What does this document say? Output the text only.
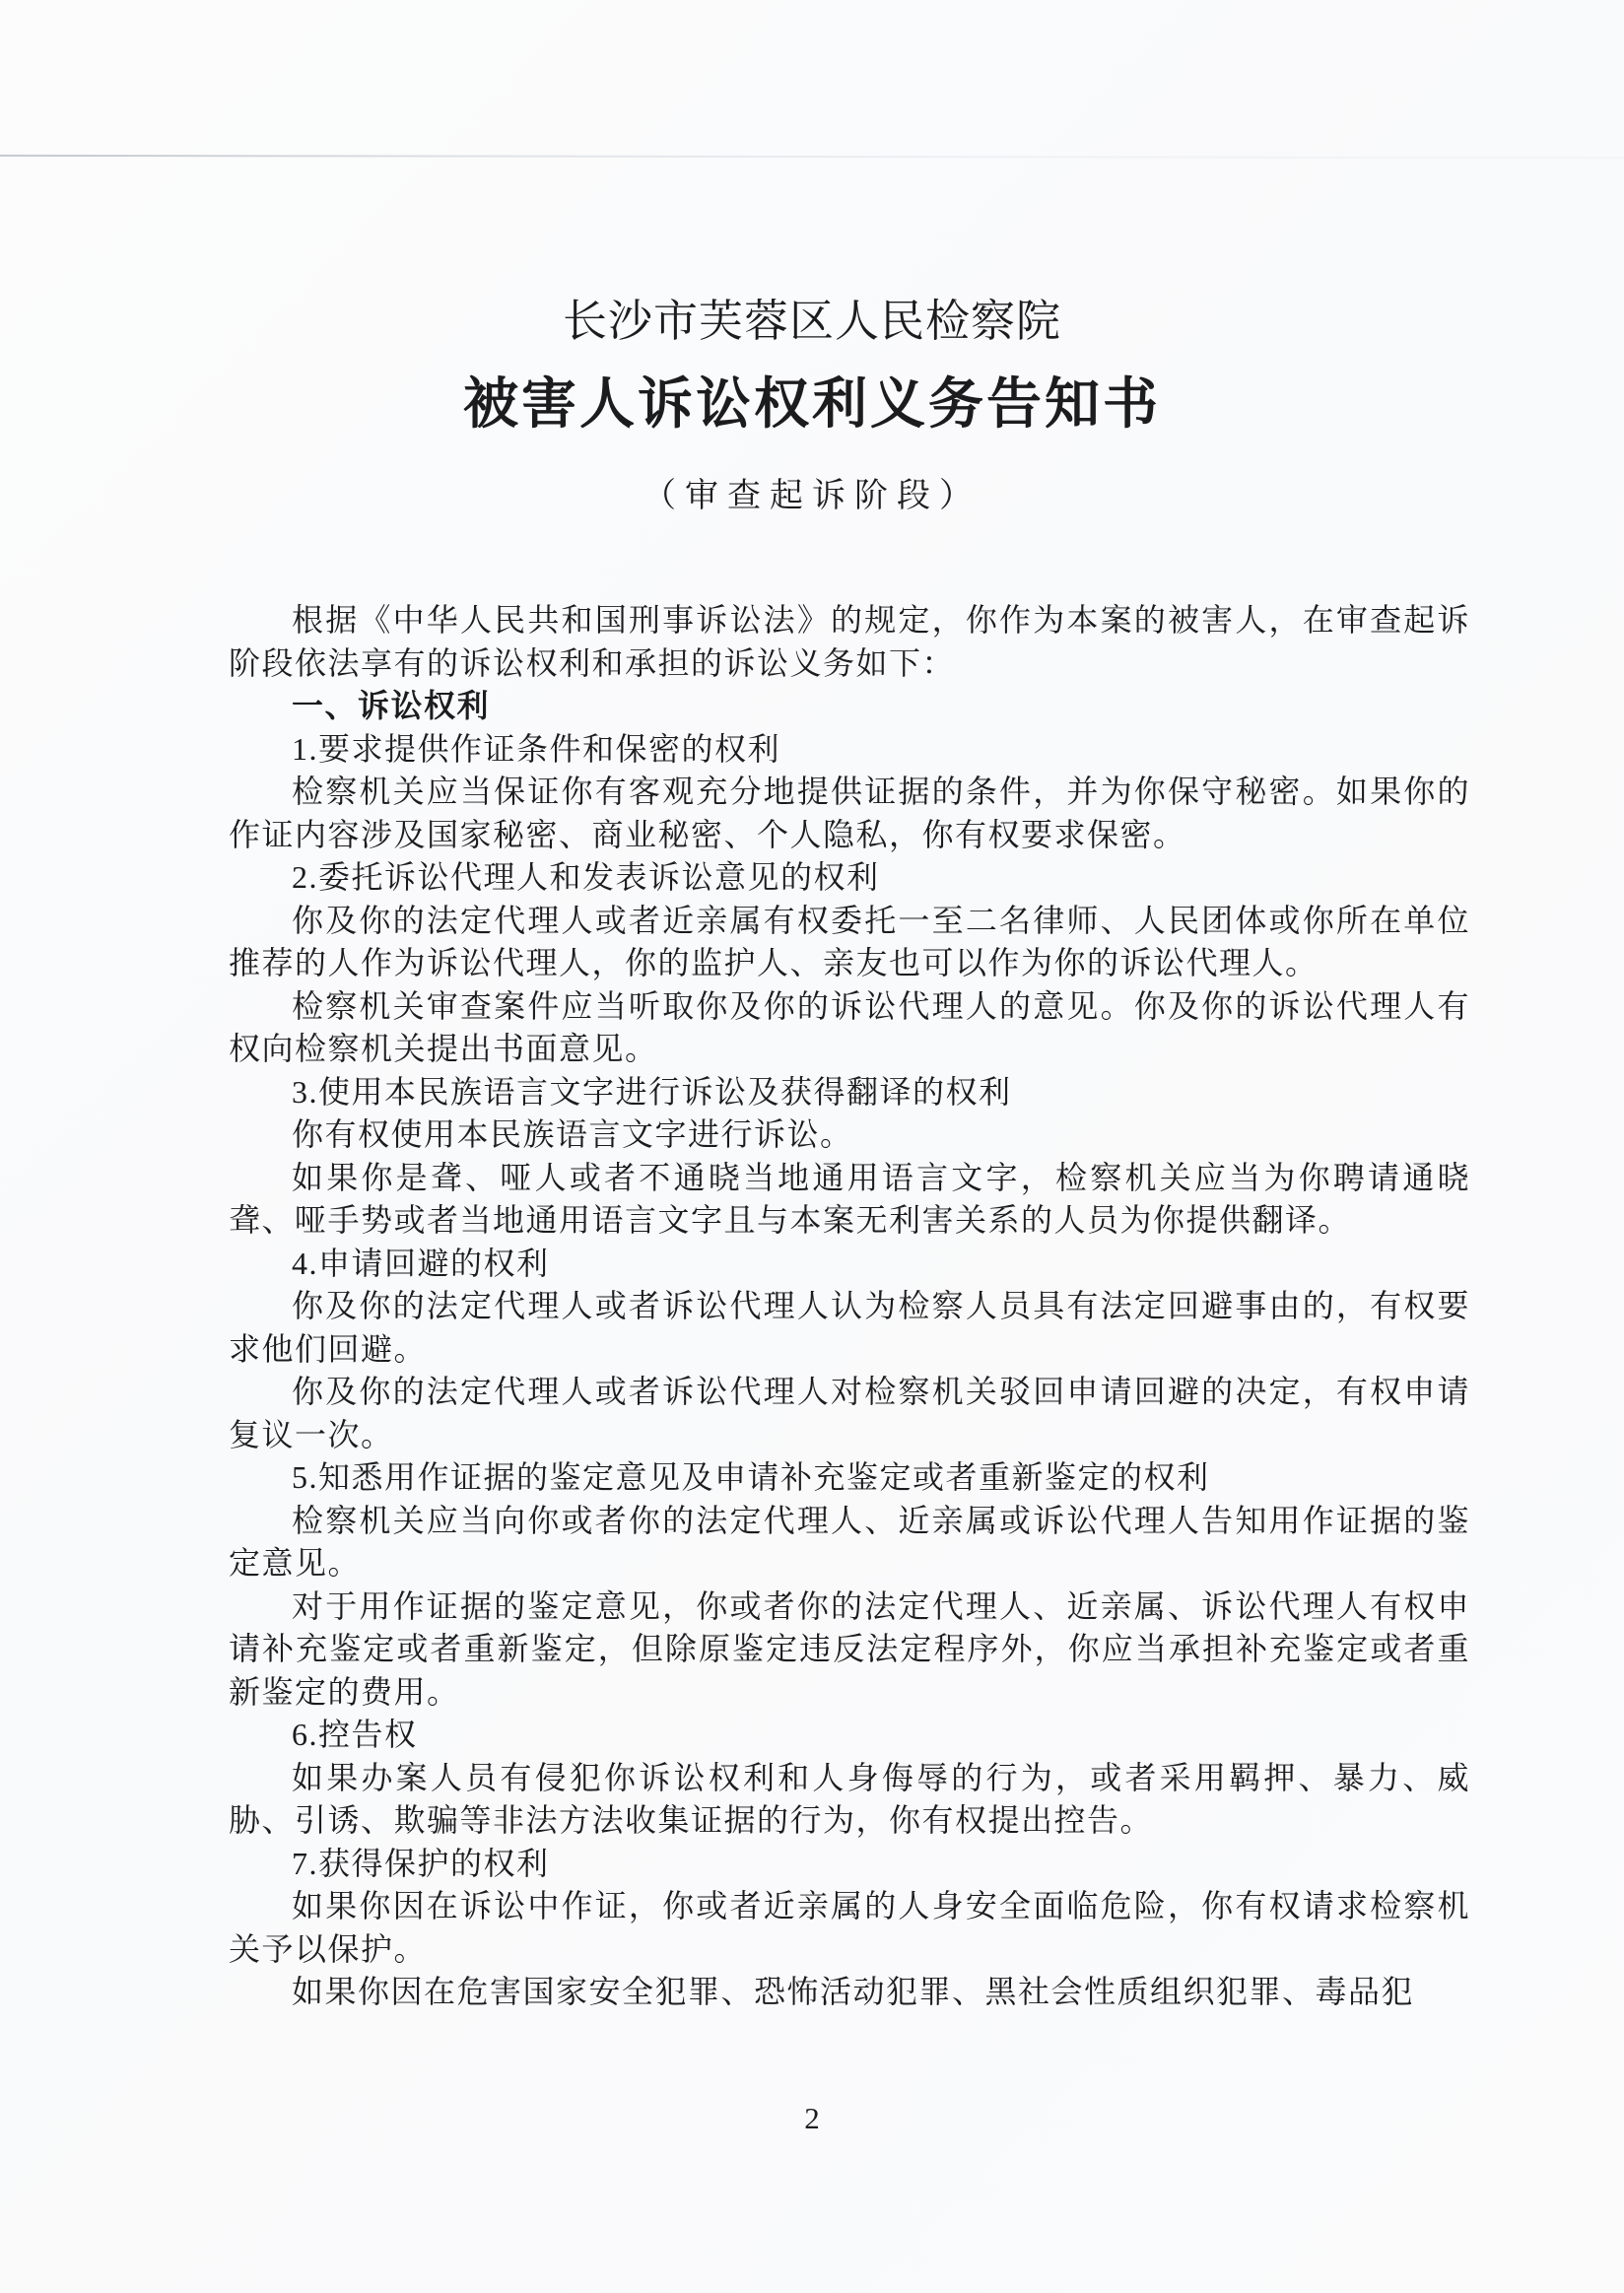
长沙市芙蓉区人民检察院
被害人诉讼权利义务告知书
（审查起诉阶段）

根据《中华人民共和国刑事诉讼法》的规定，你作为本案的被害人，在审查起诉阶段依法享有的诉讼权利和承担的诉讼义务如下：

一、诉讼权利

1.要求提供作证条件和保密的权利

检察机关应当保证你有客观充分地提供证据的条件，并为你保守秘密。如果你的作证内容涉及国家秘密、商业秘密、个人隐私，你有权要求保密。

2.委托诉讼代理人和发表诉讼意见的权利

你及你的法定代理人或者近亲属有权委托一至二名律师、人民团体或你所在单位推荐的人作为诉讼代理人，你的监护人、亲友也可以作为你的诉讼代理人。

检察机关审查案件应当听取你及你的诉讼代理人的意见。你及你的诉讼代理人有权向检察机关提出书面意见。

3.使用本民族语言文字进行诉讼及获得翻译的权利

你有权使用本民族语言文字进行诉讼。

如果你是聋、哑人或者不通晓当地通用语言文字，检察机关应当为你聘请通晓聋、哑手势或者当地通用语言文字且与本案无利害关系的人员为你提供翻译。

4.申请回避的权利

你及你的法定代理人或者诉讼代理人认为检察人员具有法定回避事由的，有权要求他们回避。

你及你的法定代理人或者诉讼代理人对检察机关驳回申请回避的决定，有权申请复议一次。

5.知悉用作证据的鉴定意见及申请补充鉴定或者重新鉴定的权利

检察机关应当向你或者你的法定代理人、近亲属或诉讼代理人告知用作证据的鉴定意见。

对于用作证据的鉴定意见，你或者你的法定代理人、近亲属、诉讼代理人有权申请补充鉴定或者重新鉴定，但除原鉴定违反法定程序外，你应当承担补充鉴定或者重新鉴定的费用。

6.控告权

如果办案人员有侵犯你诉讼权利和人身侮辱的行为，或者采用羁押、暴力、威胁、引诱、欺骗等非法方法收集证据的行为，你有权提出控告。

7.获得保护的权利

如果你因在诉讼中作证，你或者近亲属的人身安全面临危险，你有权请求检察机关予以保护。

如果你因在危害国家安全犯罪、恐怖活动犯罪、黑社会性质组织犯罪、毒品犯

2
